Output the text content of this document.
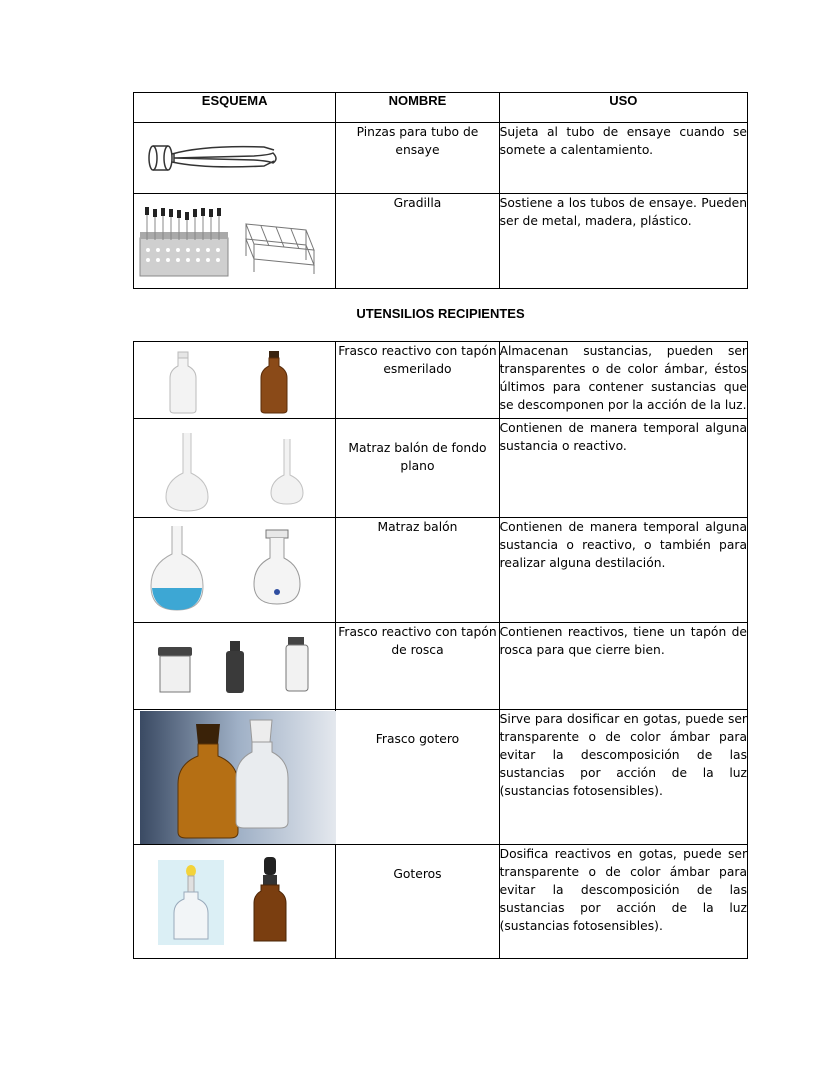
ESQUEMA	NOMBRE	USO

	Pinzas para tubo de ensaye	Sujeta al tubo de ensaye cuando se somete a calentamiento.

	Gradilla	Sostiene a los tubos de ensaye. Pueden ser de metal, madera, plástico.
UTENSILIOS RECIPIENTES
	Frasco reactivo con tapón esmerilado	Almacenan sustancias, pueden ser transparentes o de color ámbar, éstos últimos para contener sustancias que se descomponen por la acción de la luz.

	Matraz balón de fondo plano	Contienen de manera temporal alguna sustancia o reactivo.

	Matraz balón	Contienen de manera temporal alguna sustancia o reactivo, o también para realizar alguna destilación.

	Frasco reactivo con tapón de rosca	Contienen reactivos, tiene un tapón de rosca para que cierre bien.

	Frasco gotero	Sirve para dosificar en gotas, puede ser transparente o de color ámbar para evitar la descomposición de las sustancias por acción de la luz (sustancias fotosensibles).

	Goteros	Dosifica reactivos en gotas, puede ser transparente o de color ámbar para evitar la descomposición de las sustancias por acción de la luz (sustancias fotosensibles).
